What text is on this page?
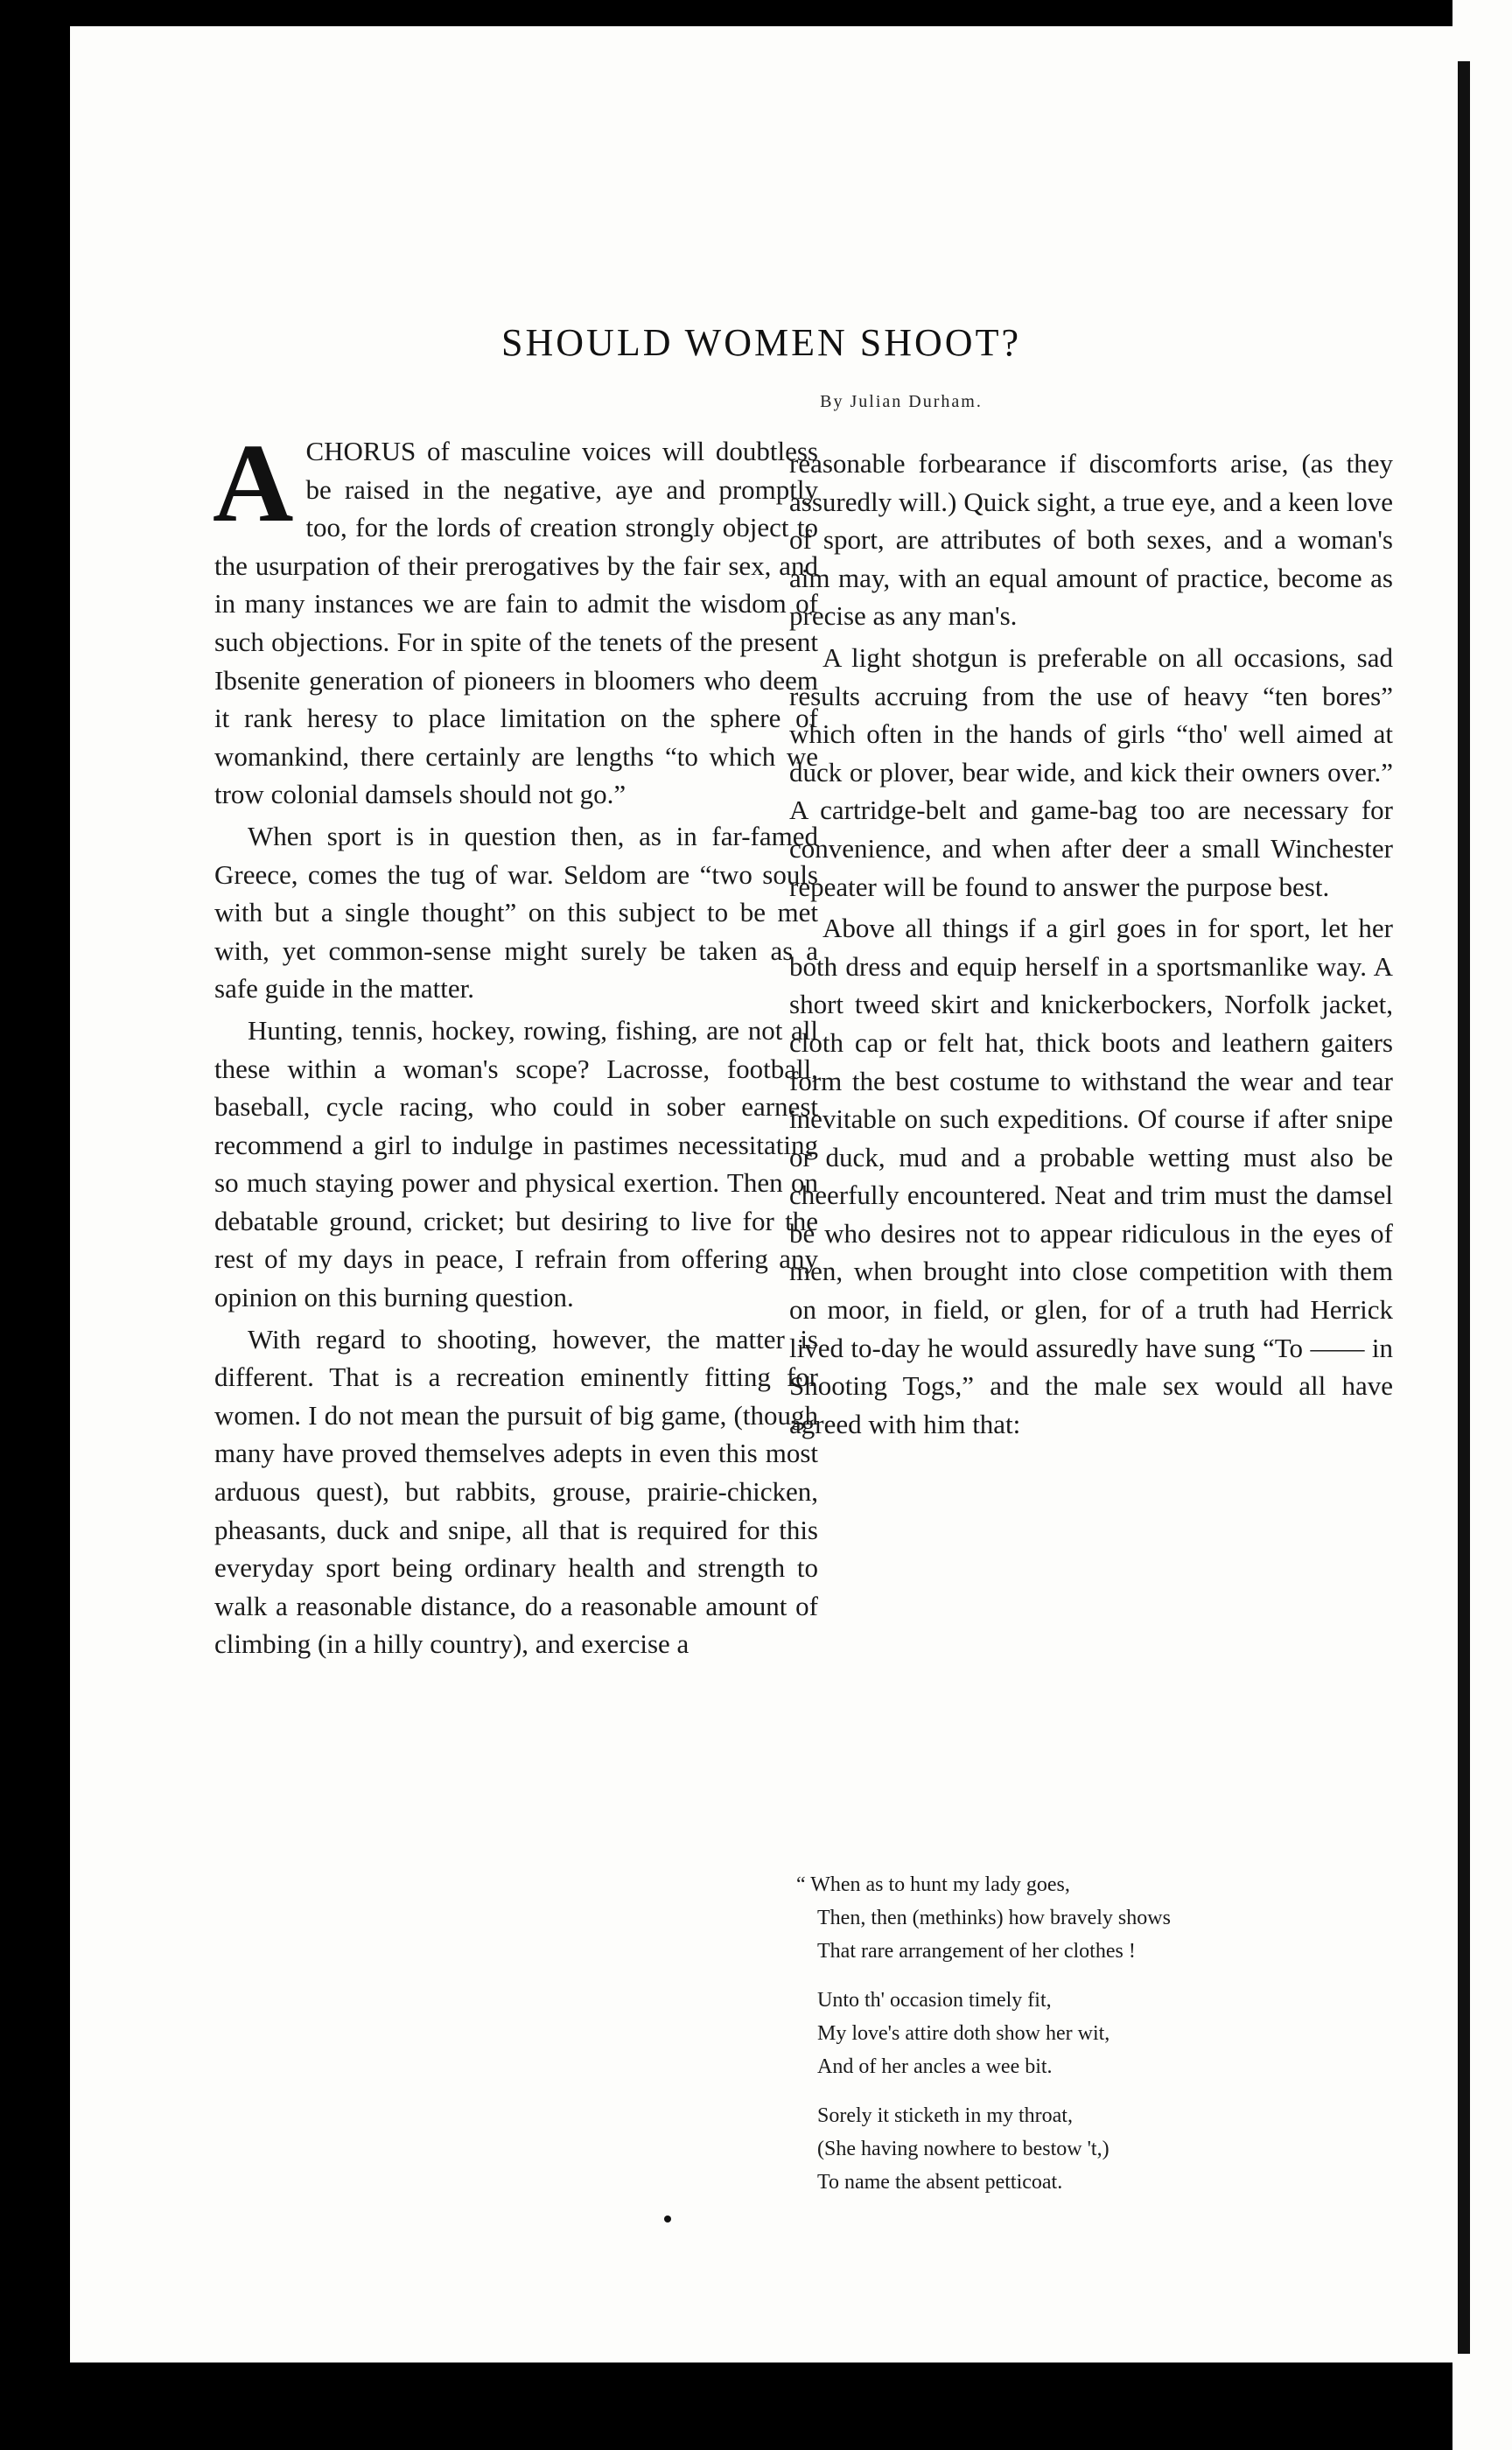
SHOULD WOMEN SHOOT?
By Julian Durham.

ACHORUS of masculine voices will doubtless be raised in the negative, aye and promptly too, for the lords of creation strongly object to the usurpation of their prerogatives by the fair sex, and in many instances we are fain to admit the wisdom of such objections. For in spite of the tenets of the present Ibsenite generation of pioneers in bloomers who deem it rank heresy to place limitation on the sphere of womankind, there certainly are lengths “to which we trow colonial damsels should not go.”

When sport is in question then, as in far-famed Greece, comes the tug of war. Seldom are “two souls with but a single thought” on this subject to be met with, yet common-sense might surely be taken as a safe guide in the matter.

Hunting, tennis, hockey, rowing, fishing, are not all these within a woman's scope? Lacrosse, football, baseball, cycle racing, who could in sober earnest recommend a girl to indulge in pastimes necessitating so much staying power and physical exertion. Then on debatable ground, cricket; but desiring to live for the rest of my days in peace, I refrain from offering any opinion on this burning question.

With regard to shooting, however, the matter is different. That is a recreation eminently fitting for women. I do not mean the pursuit of big game, (though many have proved themselves adepts in even this most arduous quest), but rabbits, grouse, prairie-chicken, pheasants, duck and snipe, all that is required for this everyday sport being ordinary health and strength to walk a reasonable distance, do a reasonable amount of climbing (in a hilly country), and exercise a

reasonable forbearance if discomforts arise, (as they assuredly will.) Quick sight, a true eye, and a keen love of sport, are attributes of both sexes, and a woman's aim may, with an equal amount of practice, become as precise as any man's.

A light shotgun is preferable on all occasions, sad results accruing from the use of heavy “ten bores” which often in the hands of girls “tho' well aimed at duck or plover, bear wide, and kick their owners over.” A cartridge-belt and game-bag too are necessary for convenience, and when after deer a small Winchester repeater will be found to answer the purpose best.

Above all things if a girl goes in for sport, let her both dress and equip herself in a sportsmanlike way. A short tweed skirt and knickerbockers, Norfolk jacket, cloth cap or felt hat, thick boots and leathern gaiters form the best costume to withstand the wear and tear inevitable on such expeditions. Of course if after snipe or duck, mud and a probable wetting must also be cheerfully encountered. Neat and trim must the damsel be who desires not to appear ridiculous in the eyes of men, when brought into close competition with them on moor, in field, or glen, for of a truth had Herrick lived to-day he would assuredly have sung “To —— in Shooting Togs,” and the male sex would all have agreed with him that:

“ When as to hunt my lady goes,
Then, then (methinks) how bravely shows
That rare arrangement of her clothes !
Unto th' occasion timely fit,
My love's attire doth show her wit,
And of her ancles a wee bit.
Sorely it sticketh in my throat,
(She having nowhere to bestow 't,)
To name the absent petticoat.
